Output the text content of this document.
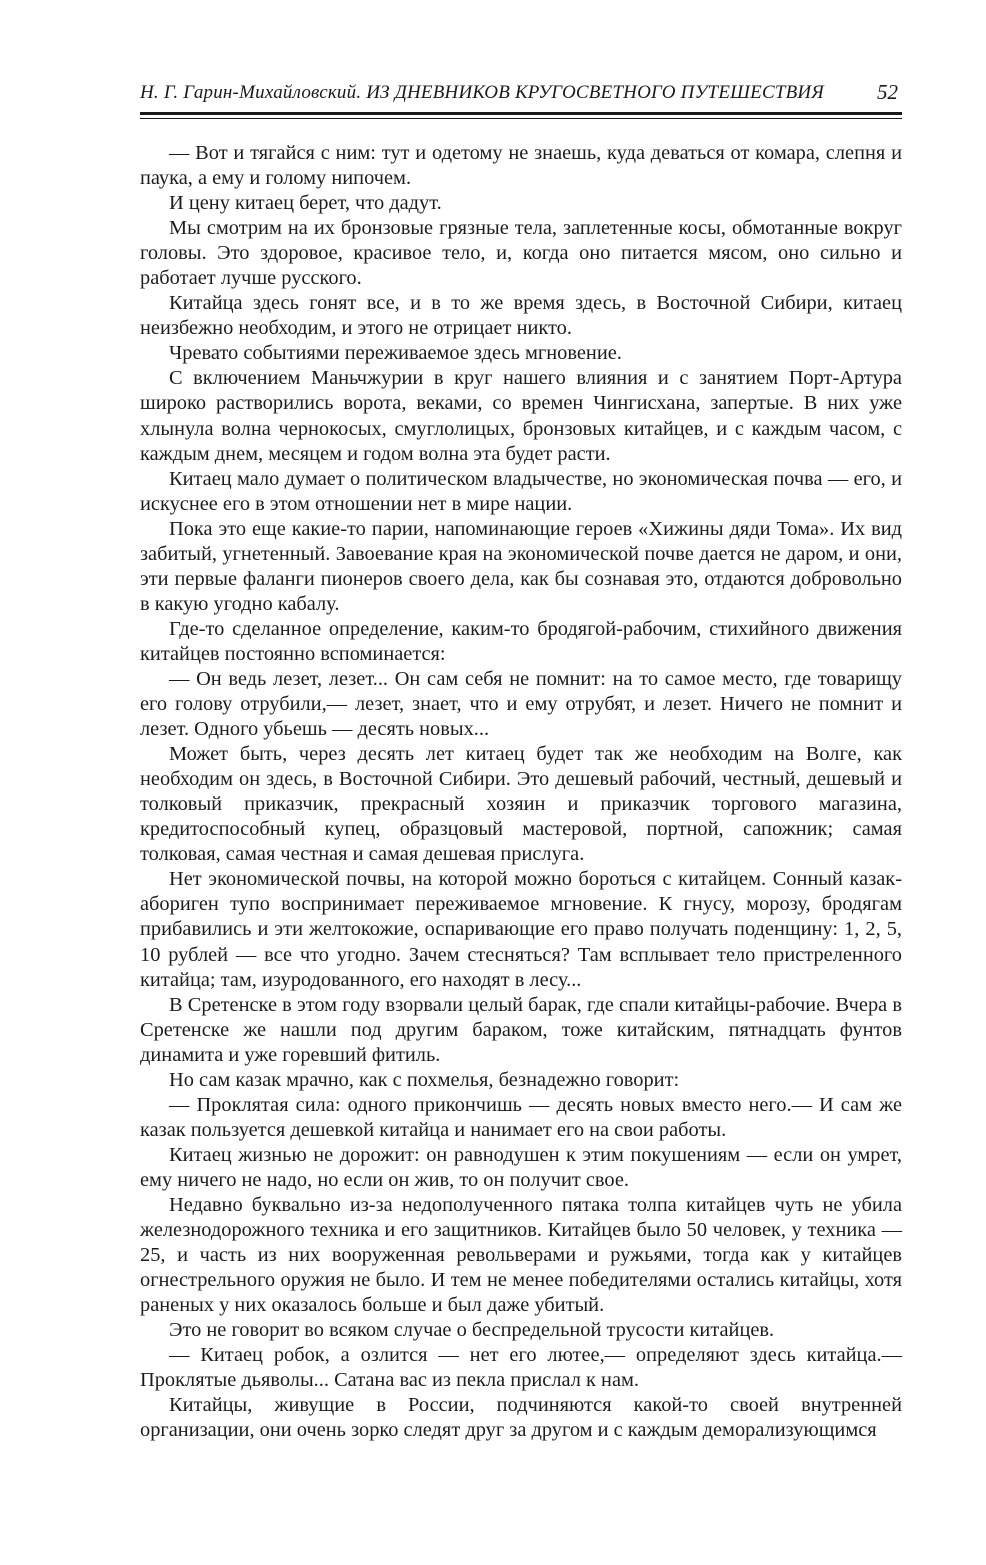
Н. Г. Гарин-Михайловский. ИЗ ДНЕВНИКОВ КРУГОСВЕТНОГО ПУТЕШЕСТВИЯ	52

— Вот и тягайся с ним: тут и одетому не знаешь, куда деваться от комара, слепня и паука, а ему и голому нипочем.

И цену китаец берет, что дадут.

Мы смотрим на их бронзовые грязные тела, заплетенные косы, обмотанные вокруг головы. Это здоровое, красивое тело, и, когда оно питается мясом, оно сильно и работает лучше русского.

Китайца здесь гонят все, и в то же время здесь, в Восточной Сибири, китаец неизбежно необходим, и этого не отрицает никто.

Чревато событиями переживаемое здесь мгновение.

С включением Маньчжурии в круг нашего влияния и с занятием Порт-Артура широко растворились ворота, веками, со времен Чингисхана, запертые. В них уже хлынула волна чернокосых, смуглолицых, бронзовых китайцев, и с каждым часом, с каждым днем, месяцем и годом волна эта будет расти.

Китаец мало думает о политическом владычестве, но экономическая почва — его, и искуснее его в этом отношении нет в мире нации.

Пока это еще какие-то парии, напоминающие героев «Хижины дяди Тома». Их вид забитый, угнетенный. Завоевание края на экономической почве дается не даром, и они, эти первые фаланги пионеров своего дела, как бы сознавая это, отдаются добровольно в какую угодно кабалу.

Где-то сделанное определение, каким-то бродягой-рабочим, стихийного движения китайцев постоянно вспоминается:

— Он ведь лезет, лезет... Он сам себя не помнит: на то самое место, где товарищу его голову отрубили,— лезет, знает, что и ему отрубят, и лезет. Ничего не помнит и лезет. Одного убьешь — десять новых...

Может быть, через десять лет китаец будет так же необходим на Волге, как необходим он здесь, в Восточной Сибири. Это дешевый рабочий, честный, дешевый и толковый приказчик, прекрасный хозяин и приказчик торгового магазина, кредитоспособный купец, образцовый мастеровой, портной, сапожник; самая толковая, самая честная и самая дешевая прислуга.

Нет экономической почвы, на которой можно бороться с китайцем. Сонный казак-абориген тупо воспринимает переживаемое мгновение. К гнусу, морозу, бродягам прибавились и эти желтокожие, оспаривающие его право получать поденщину: 1, 2, 5, 10 рублей — все что угодно. Зачем стесняться? Там всплывает тело пристреленного китайца; там, изуродованного, его находят в лесу...

В Сретенске в этом году взорвали целый барак, где спали китайцы-рабочие. Вчера в Сретенске же нашли под другим бараком, тоже китайским, пятнадцать фунтов динамита и уже горевший фитиль.

Но сам казак мрачно, как с похмелья, безнадежно говорит:

— Проклятая сила: одного прикончишь — десять новых вместо него.— И сам же казак пользуется дешевкой китайца и нанимает его на свои работы.

Китаец жизнью не дорожит: он равнодушен к этим покушениям — если он умрет, ему ничего не надо, но если он жив, то он получит свое.

Недавно буквально из-за недополученного пятака толпа китайцев чуть не убила железнодорожного техника и его защитников. Китайцев было 50 человек, у техника — 25, и часть из них вооруженная револьверами и ружьями, тогда как у китайцев огнестрельного оружия не было. И тем не менее победителями остались китайцы, хотя раненых у них оказалось больше и был даже убитый.

Это не говорит во всяком случае о беспредельной трусости китайцев.

— Китаец робок, а озлится — нет его лютее,— определяют здесь китайца.— Проклятые дьяволы... Сатана вас из пекла прислал к нам.

Китайцы, живущие в России, подчиняются какой-то своей внутренней организации, они очень зорко следят друг за другом и с каждым деморализующимся
